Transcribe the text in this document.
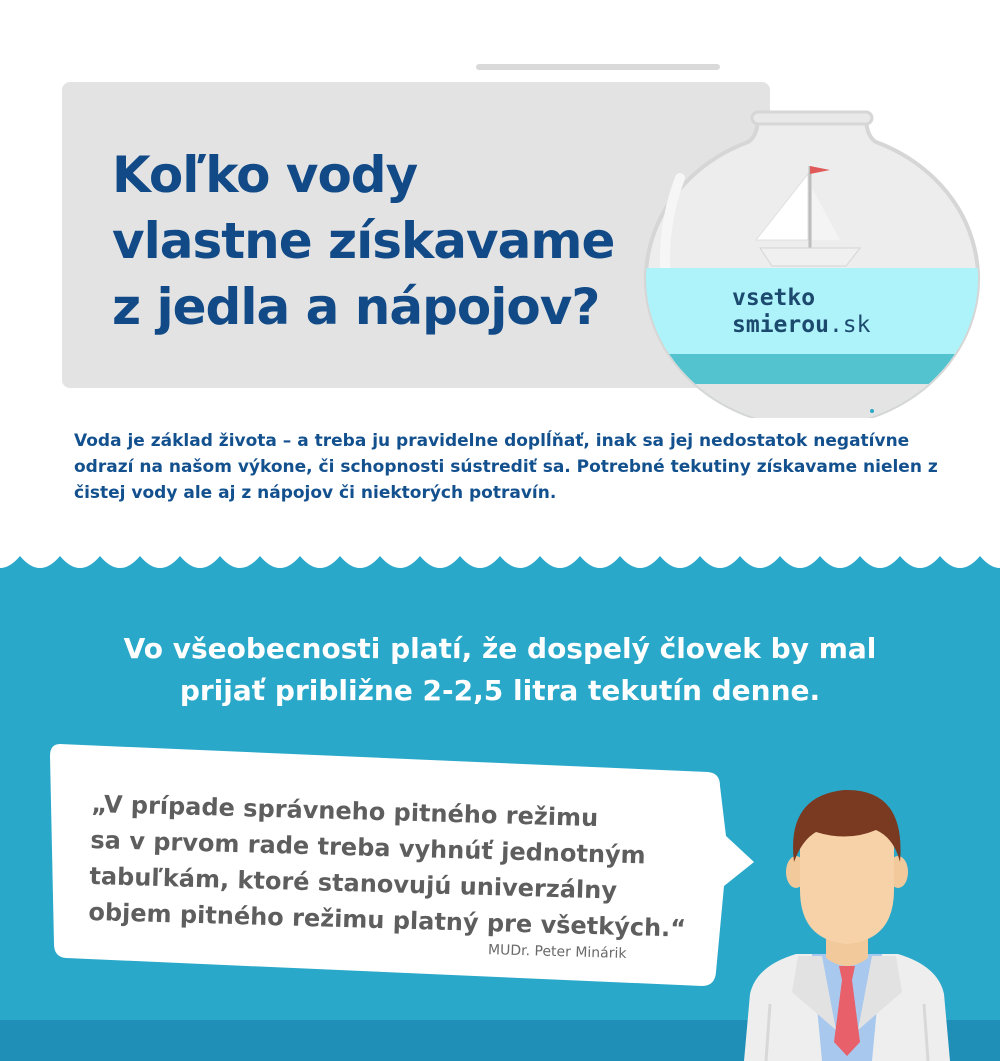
Koľko vody
vlastne získavame
z jedla a nápojov?	vsetko
smierou.sk

Voda je základ života – a treba ju pravidelne doplĺňať, inak sa jej nedostatok negatívne odrazí na našom výkone, či schopnosti sústrediť sa. Potrebné tekutiny získavame nielen z čistej vody ale aj z nápojov či niektorých potravín.

Vo všeobecnosti platí, že dospelý človek by mal
prijať približne 2-2,5 litra tekutín denne.

„V prípade správneho pitného režimu
sa v prvom rade treba vyhnúť jednotným
tabuľkám, ktoré stanovujú univerzálny
objem pitného režimu platný pre všetkých.“

MUDr. Peter Minárik
